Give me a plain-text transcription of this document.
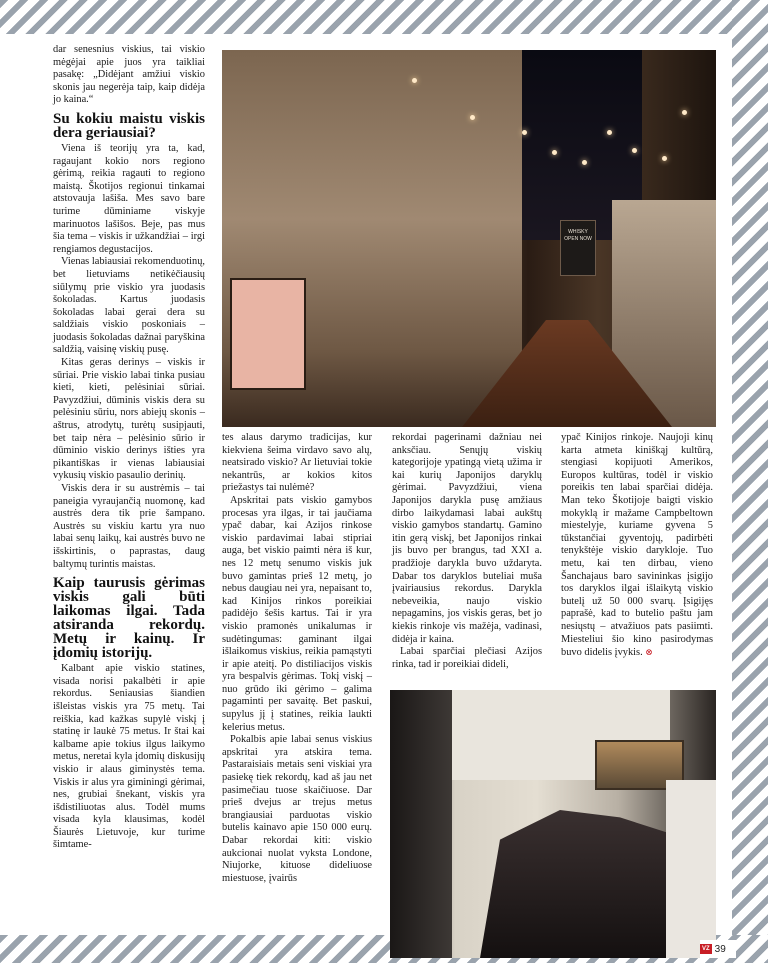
dar senesnius viskius, tai viskio mėgėjai apie juos yra taikliai pasakę: „Didėjant amžiui viskio skonis jau negerėja taip, kaip didėja jo kaina.“

Su kokiu maistu viskis dera geriausiai?

Viena iš teorijų yra ta, kad, ragaujant kokio nors regiono gėrimą, reikia ragauti to regiono maistą. Škotijos regionui tinkamai atstovauja lašiša. Mes savo bare turime dūminiame viskyje marinuotos lašišos. Beje, pas mus šia tema – viskis ir užkandžiai – irgi rengiamos degustacijos.

Vienas labiausiai rekomenduotinų, bet lietuviams netikėčiausių siūlymų prie viskio yra juodasis šokoladas. Kartus juodasis šokoladas labai gerai dera su saldžiais viskio poskoniais – juodasis šokoladas dažnai paryškina saldžią, vaisinę viskių pusę.

Kitas geras derinys – viskis ir sūriai. Prie viskio labai tinka pusiau kieti, kieti, pelėsiniai sūriai. Pavyzdžiui, dūminis viskis dera su pelėsiniu sūriu, nors abiejų skonis – aštrus, atrodytų, turėtų susipjauti, bet taip nėra – pelėsinio sūrio ir dūminio viskio derinys išties yra pikantiškas ir vienas labiausiai vykusių viskio pasaulio derinių.

Viskis dera ir su austrėmis – tai paneigia vyraujančią nuomonę, kad austrės dera tik prie šampano. Austrės su viskiu kartu yra nuo labai senų laikų, kai austrės buvo ne išskirtinis, o paprastas, daug baltymų turintis maistas.

Kaip taurusis gėrimas viskis gali būti laikomas ilgai. Tada atsiranda rekordų. Metų ir kainų. Ir įdomių istorijų.

Kalbant apie viskio statines, visada norisi pakalbėti ir apie rekordus. Seniausias šiandien išleistas viskis yra 75 metų. Tai reiškia, kad kažkas supylė viskį į statinę ir laukė 75 metus. Ir štai kai kalbame apie tokius ilgus laikymo metus, neretai kyla įdomių diskusijų viskio ir alaus giminystės tema. Viskis ir alus yra giminingi gėrimai, nes, grubiai šnekant, viskis yra išdistiliuotas alus. Todėl mums visada kyla klausimas, kodėl Šiaurės Lietuvoje, kur turime šimtame-

WHISKY OPEN NOW

tes alaus darymo tradicijas, kur kiekviena šeima virdavo savo alų, neatsirado viskio? Ar lietuviai tokie nekantrūs, ar kokios kitos priežastys tai nulėmė?

Apskritai pats viskio gamybos procesas yra ilgas, ir tai jaučiama ypač dabar, kai Azijos rinkose viskio pardavimai labai stipriai auga, bet viskio paimti nėra iš kur, nes 12 metų senumo viskis juk buvo gamintas prieš 12 metų, jo nebus daugiau nei yra, nepaisant to, kad Kinijos rinkos poreikiai padidėjo šešis kartus. Tai ir yra viskio pramonės unikalumas ir sudėtingumas: gaminant ilgai išlaikomus viskius, reikia pamąstyti ir apie ateitį. Po distiliacijos viskis yra bespalvis gėrimas. Tokį viskį – nuo grūdo iki gėrimo – galima pagaminti per savaitę. Bet paskui, supylus jį į statines, reikia laukti kelerius metus.

Pokalbis apie labai senus viskius apskritai yra atskira tema. Pastaraisiais metais seni viskiai yra pasiekę tiek rekordų, kad aš jau net pasimečiau tuose skaičiuose. Dar prieš dvejus ar trejus metus brangiausiai parduotas viskio butelis kainavo apie 150 000 eurų. Dabar rekordai kiti: viskio aukcionai nuolat vyksta Londone, Niujorke, kituose dideliuose miestuose, įvairūs

rekordai pagerinami dažniau nei anksčiau. Senųjų viskių kategorijoje ypatingą vietą užima ir kai kurių Japonijos daryklų gėrimai. Pavyzdžiui, viena Japonijos darykla pusę amžiaus dirbo laikydamasi labai aukštų viskio gamybos standartų. Gamino itin gerą viskį, bet Japonijos rinkai jis buvo per brangus, tad XXI a. pradžioje darykla buvo uždaryta. Dabar tos daryklos buteliai muša įvairiausius rekordus. Darykla nebeveikia, naujo viskio nepagamins, jos viskis geras, bet jo kiekis rinkoje vis mažėja, vadinasi, didėja ir kaina.

Labai sparčiai plečiasi Azijos rinka, tad ir poreikiai dideli,

ypač Kinijos rinkoje. Naujoji kinų karta atmeta kiniškąj kultūrą, stengiasi kopijuoti Amerikos, Europos kultūras, todėl ir viskio poreikis ten labai sparčiai didėja. Man teko Škotijoje baigti viskio mokyklą ir mažame Campbeltown miestelyje, kuriame gyvena 5 tūkstančiai gyventojų, padirbėti tenykštėje viskio darykloje. Tuo metu, kai ten dirbau, vieno Šanchajaus baro savininkas įsigijo tos daryklos ilgai išlaikytą viskio butelį už 50 000 svarų. Įsigijęs paprašė, kad to butelio paštu jam nesiųstų – atvažiuos pats pasiimti. Miesteliui šio kino pasirodymas buvo didelis įvykis. ⊗

VZ 39
